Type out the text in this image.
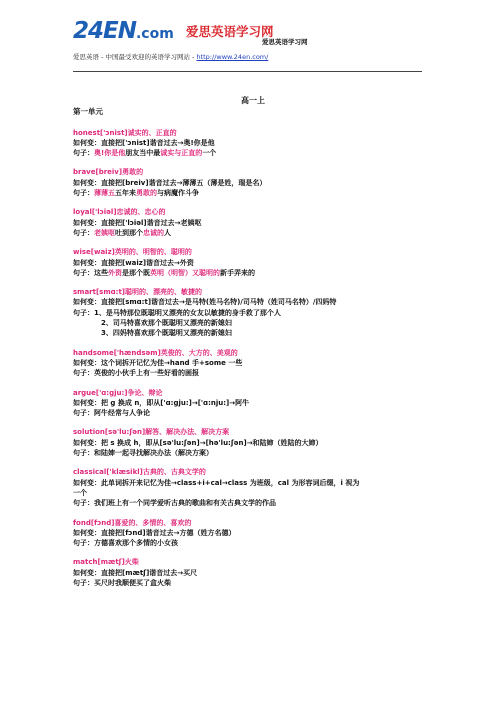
24EN.com 爱思英语学习网
爱思英语学习网
爱思英语 - 中国最受欢迎的英语学习网站 - http://www.24en.com/
高一上
第一单元
honest['ɔnist]诚实的、正直的
如何变：直接把['ɔnist]谐音过去→奥!你是他
句子：奥!你是他朋友当中最诚实与正直的一个
brave[breiv]勇敢的
如何变：直接把[breiv]谐音过去→薄薄五（薄是姓，瑞是名）
句子：薄薄五五年来勇敢的与病魔作斗争
loyal['lɔiəl]忠诚的、忠心的
如何变：直接把['lɔiəl]谐音过去→老姨呕
句子：老姨呕吐到那个忠诚的人
wise[waiz]英明的、明智的、聪明的
如何变：直接把[waiz]谐音过去→外资
句子：这些外资是那个既英明（明智）又聪明的新手弄来的
smart[smɑ:t]聪明的、漂亮的、敏捷的
如何变：直接把[smɑ:t]谐音过去→是马特(姓马名特)/司马特（姓司马名特）/四妈特
句子：1、是马特那位既聪明又漂亮的女友以敏捷的身手救了那个人
2、司马特喜欢那个既聪明又漂亮的新媳妇
3、四妈特喜欢那个既聪明又漂亮的新媳妇
handsome['hændsəm]英俊的、大方的、美观的
如何变：这个词拆开记忆为佳→hand 手+some 一些
句子：英俊的小伙手上有一些好看的画报
argue['ɑ:gju:]争论、辩论
如何变：把 g 换成 n，即从['ɑ:gju:]→['ɑ:nju:]→阿牛
句子：阿牛经常与人争论
solution[sə'lu:ʃən]解答、解决办法、解决方案
如何变：把 s 换成 h，即从[sə'lu:ʃən]→[hə'lu:ʃən]→和陆婶（姓陆的大婶）
句子：和陆婶一起寻找解决办法（解决方案）
classical['klæsikl]古典的、古典文学的
如何变：此单词拆开来记忆为佳→class+i+cal→class 为班级，cal 为形容词后缀，i 视为
一个
句子：我们班上有一个同学爱听古典的歌曲和有关古典文学的作品
fond[fɔnd]喜爱的、多情的、喜欢的
如何变：直接把[fɔnd]谐音过去→方德（姓方名德）
句子：方德喜欢那个多情的小女孩
match[mætʃ]火柴
如何变：直接把[mætʃ]谐音过去→买尺
句子：买尺时我顺便买了盒火柴
